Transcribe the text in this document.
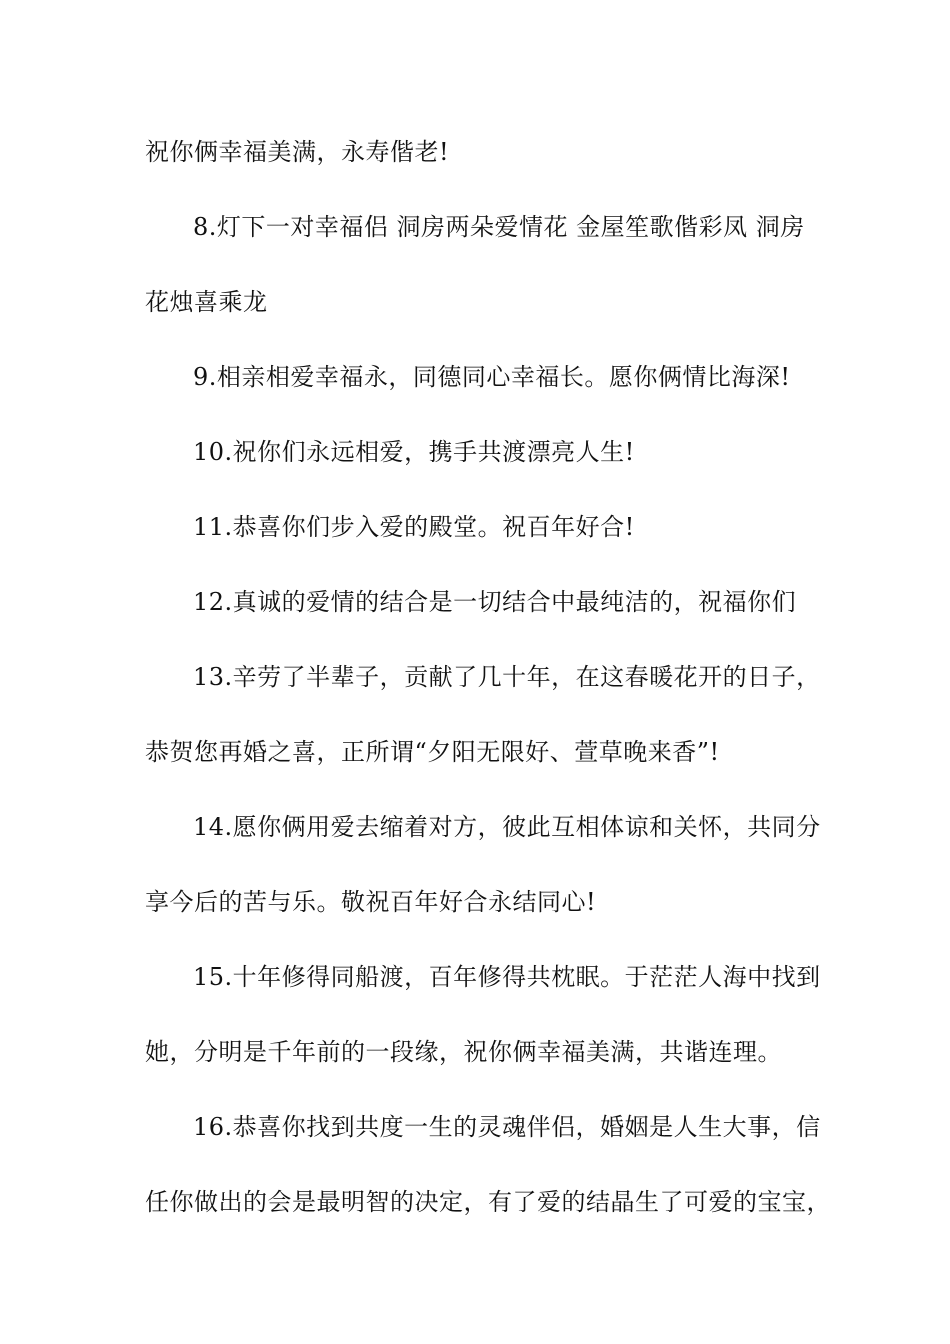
祝你俩幸福美满，永寿偕老!
8.灯下一对幸福侣 洞房两朵爱情花 金屋笙歌偕彩凤 洞房
花烛喜乘龙
9.相亲相爱幸福永，同德同心幸福长。愿你俩情比海深!
10.祝你们永远相爱，携手共渡漂亮人生!
11.恭喜你们步入爱的殿堂。祝百年好合!
12.真诚的爱情的结合是一切结合中最纯洁的，祝福你们
13.辛劳了半辈子，贡献了几十年，在这春暖花开的日子，
恭贺您再婚之喜，正所谓“夕阳无限好、萱草晚来香”!
14.愿你俩用爱去缩着对方，彼此互相体谅和关怀，共同分
享今后的苦与乐。敬祝百年好合永结同心!
15.十年修得同船渡，百年修得共枕眠。于茫茫人海中找到
她，分明是千年前的一段缘，祝你俩幸福美满，共谐连理。
16.恭喜你找到共度一生的灵魂伴侣，婚姻是人生大事，信
任你做出的会是最明智的决定，有了爱的结晶生了可爱的宝宝，
